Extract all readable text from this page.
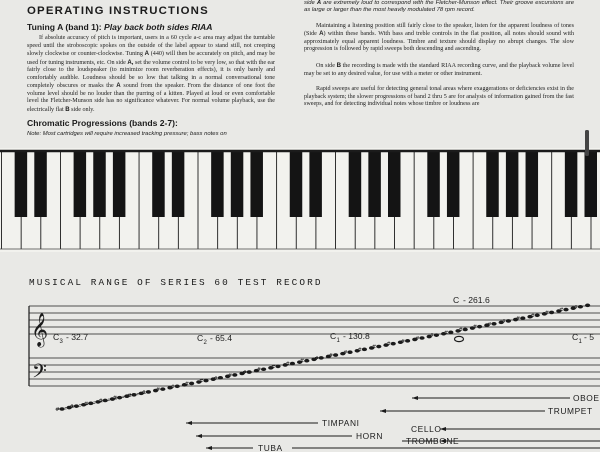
OPERATING INSTRUCTIONS
Tuning A (band 1): Play back both sides RIAA

If absolute accuracy of pitch is important, users in a 60 cycle a-c area may adjust the turntable speed until the stroboscopic spokes on the outside of the label appear to stand still, not creeping slowly clockwise or counter-clockwise. Tuning A (440) will then be accurately on pitch, and may be used for tuning instruments, etc. On side A, set the volume control to be very low, so that with the ear fairly close to the loudspeaker (to minimize room reverberation effects), it is only barely and comfortably audible. Loudness should be so low that talking in a normal conversational tone completely obscures or masks the A sound from the speaker. From the distance of one foot the volume level should be no louder than the purring of a kitten. Played at loud or even comfortable level the Fletcher-Munson side has no significance whatever. For normal volume playback, use the electrically flat B side only.

Chromatic Progressions (bands 2-7):
Note: Most cartridges will require increased tracking pressure; bass notes on
side A are extremely loud to correspond with the Fletcher-Munson effect. Their groove excursions are as large or larger than the most heavily modulated 78 rpm record.

Maintaining a listening position still fairly close to the speaker, listen for the apparent loudness of tones (Side A) within these bands. With bass and treble controls in the flat position, all notes should sound with approximately equal apparent loudness. Timbre and texture should display no abrupt changes. The slow progression is followed by rapid sweeps both descending and ascending.

On side B the recording is made with the standard RIAA recording curve, and the playback volume level may be set to any desired value, for use with a meter or other instrument.

Rapid sweeps are useful for detecting general tonal areas where exaggerations or deficiencies exist in the playback system; the slower progressions of band 2 thru 5 are for analysis of information gained from the fast sweeps, and for detecting individual notes whose timbre or loudness are

MUSICAL RANGE OF SERIES 60 TEST RECORD
𝄞
𝄢
C 3 - 32.7	C 2 - 65.4	C 1 - 130.8
C - 261.6
C 1 - 5
# # # # # # # # # # # # # # # # # # # # # # # # # # # # # # # # # # # # #
OBOE
TRUMPET
TIMPANI
CELLO
HORN	TROMBONE
TUBA
